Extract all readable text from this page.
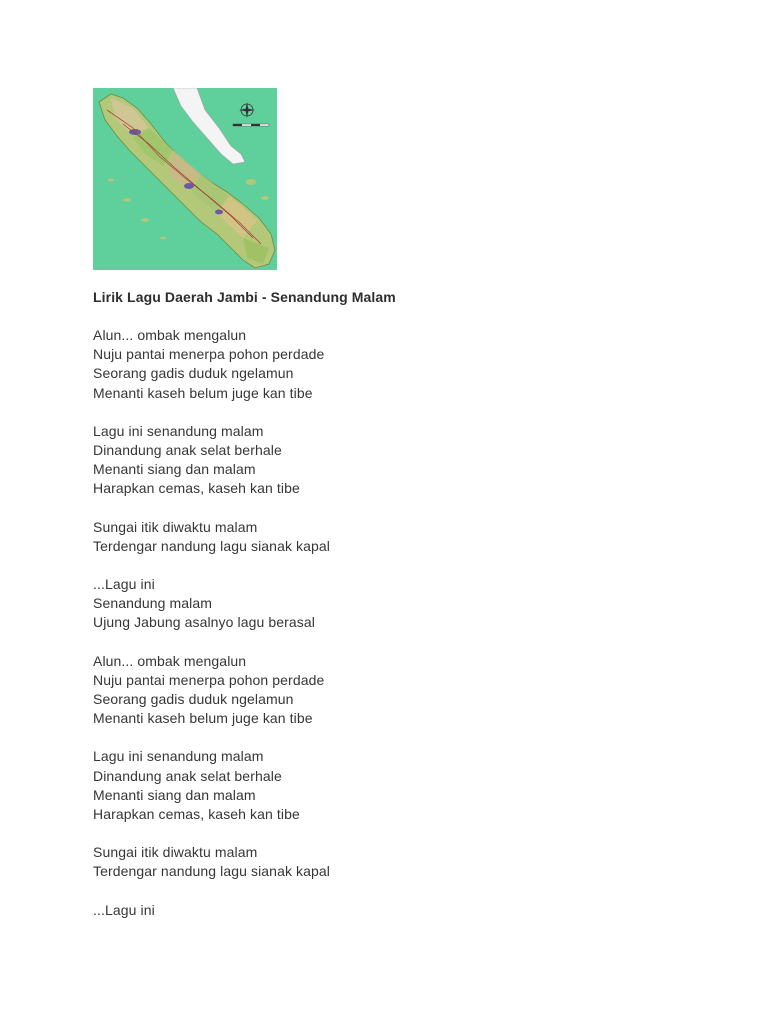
Lirik Lagu Daerah Jambi - Senandung Malam
Alun... ombak mengalun
Nuju pantai menerpa pohon perdade
Seorang gadis duduk ngelamun
Menanti kaseh belum juge kan tibe
Lagu ini senandung malam
Dinandung anak selat berhale
Menanti siang dan malam
Harapkan cemas, kaseh kan tibe
Sungai itik diwaktu malam
Terdengar nandung lagu sianak kapal
...Lagu ini
Senandung malam
Ujung Jabung asalnyo lagu berasal
Alun... ombak mengalun
Nuju pantai menerpa pohon perdade
Seorang gadis duduk ngelamun
Menanti kaseh belum juge kan tibe
Lagu ini senandung malam
Dinandung anak selat berhale
Menanti siang dan malam
Harapkan cemas, kaseh kan tibe
Sungai itik diwaktu malam
Terdengar nandung lagu sianak kapal
...Lagu ini
